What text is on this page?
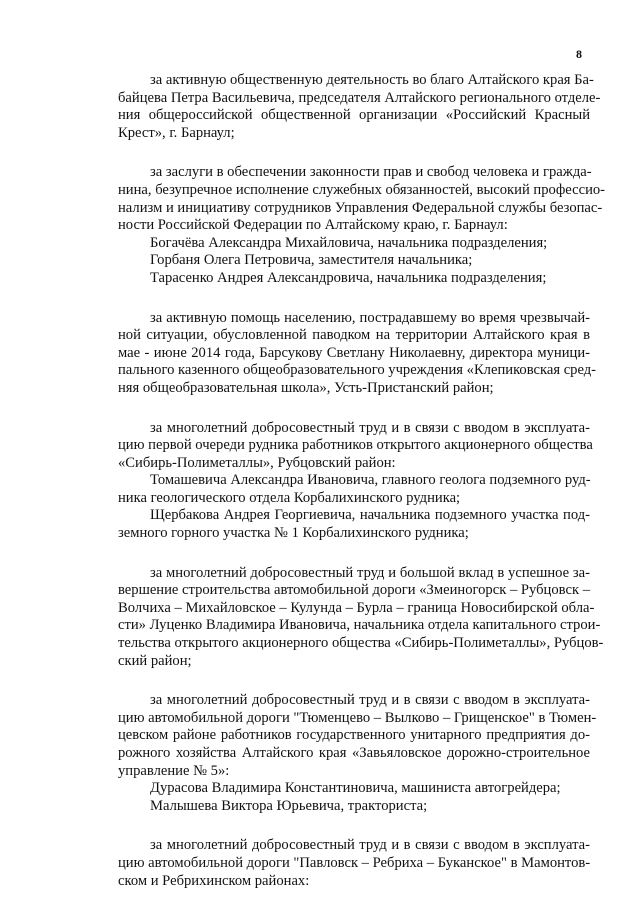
8
за активную общественную деятельность во благо Алтайского края Ба-
байцева Петра Васильевича, председателя Алтайского регионального отделе-
ния общероссийской общественной организации «Российский Красный
Крест», г. Барнаул;
за заслуги в обеспечении законности прав и свобод человека и гражда-
нина, безупречное исполнение служебных обязанностей, высокий профессио-
нализм и инициативу сотрудников Управления Федеральной службы безопас-
ности Российской Федерации по Алтайскому краю, г. Барнаул:
Богачёва Александра Михайловича, начальника подразделения;
Горбаня Олега Петровича, заместителя начальника;
Тарасенко Андрея Александровича, начальника подразделения;
за активную помощь населению, пострадавшему во время чрезвычай-
ной ситуации, обусловленной паводком на территории Алтайского края в
мае - июне 2014 года, Барсукову Светлану Николаевну, директора муници-
пального казенного общеобразовательного учреждения «Клепиковская сред-
няя общеобразовательная школа», Усть-Пристанский район;
за многолетний добросовестный труд и в связи с вводом в эксплуата-
цию первой очереди рудника работников открытого акционерного общества
«Сибирь-Полиметаллы», Рубцовский район:
Томашевича Александра Ивановича, главного геолога подземного руд-
ника геологического отдела Корбалихинского рудника;
Щербакова Андрея Георгиевича, начальника подземного участка под-
земного горного участка № 1 Корбалихинского рудника;
за многолетний добросовестный труд и большой вклад в успешное за-
вершение строительства автомобильной дороги «Змеиногорск – Рубцовск –
Волчиха – Михайловское – Кулунда – Бурла – граница Новосибирской обла-
сти» Луценко Владимира Ивановича, начальника отдела капитального строи-
тельства открытого акционерного общества «Сибирь-Полиметаллы», Рубцов-
ский район;
за многолетний добросовестный труд и в связи с вводом в эксплуата-
цию автомобильной дороги "Тюменцево – Вылково – Грищенское" в Тюмен-
цевском районе работников государственного унитарного предприятия до-
рожного хозяйства Алтайского края «Завьяловское дорожно-строительное
управление № 5»:
Дурасова Владимира Константиновича, машиниста автогрейдера;
Малышева Виктора Юрьевича, тракториста;
за многолетний добросовестный труд и в связи с вводом в эксплуата-
цию автомобильной дороги "Павловск – Ребриха – Буканское" в Мамонтов-
ском и Ребрихинском районах:
